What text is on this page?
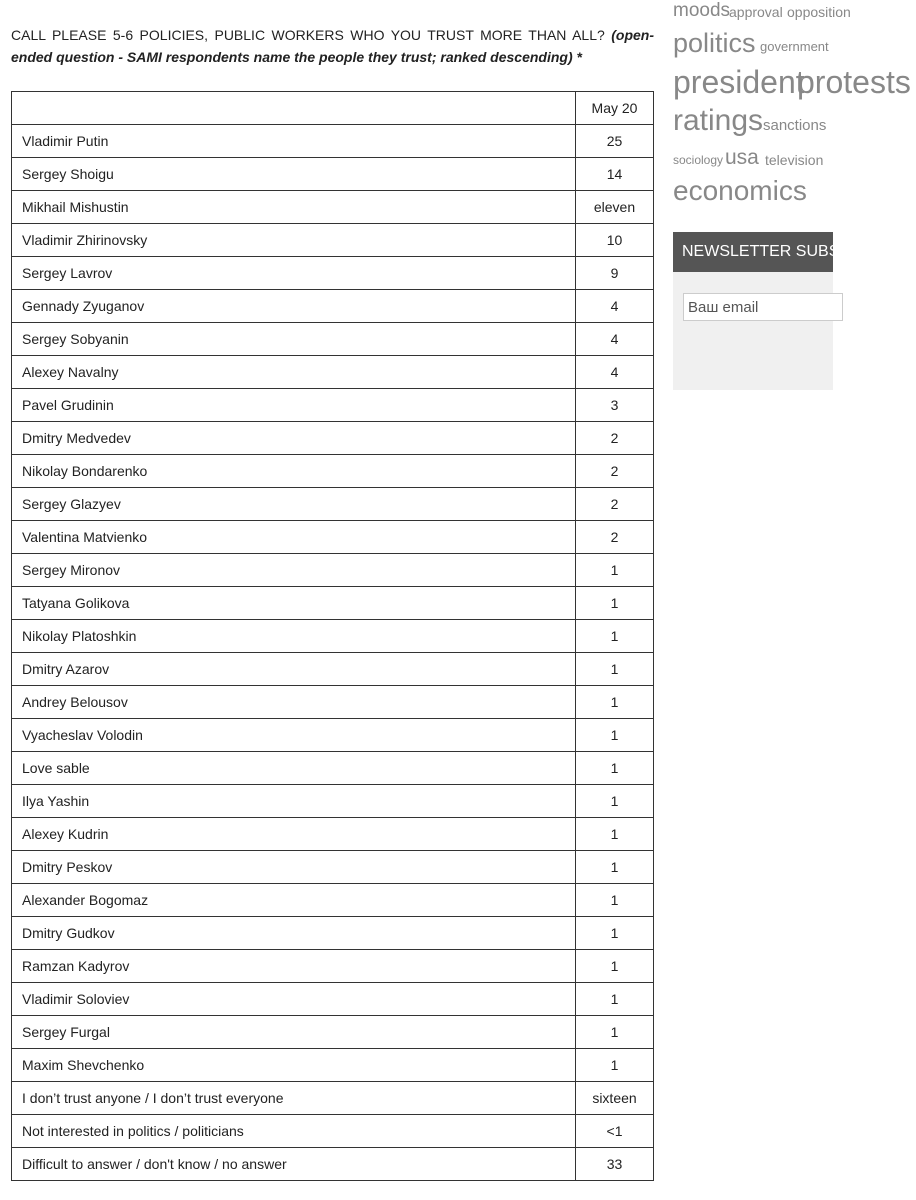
CALL PLEASE 5-6 POLICIES, PUBLIC WORKERS WHO YOU TRUST MORE THAN ALL? (open-ended question - SAMI respondents name the people they trust; ranked descending) *
	May 20
Vladimir Putin	25
Sergey Shoigu	14
Mikhail Mishustin	eleven
Vladimir Zhirinovsky	10
Sergey Lavrov	9
Gennady Zyuganov	4
Sergey Sobyanin	4
Alexey Navalny	4
Pavel Grudinin	3
Dmitry Medvedev	2
Nikolay Bondarenko	2
Sergey Glazyev	2
Valentina Matvienko	2
Sergey Mironov	1
Tatyana Golikova	1
Nikolay Platoshkin	1
Dmitry Azarov	1
Andrey Belousov	1
Vyacheslav Volodin	1
Love sable	1
Ilya Yashin	1
Alexey Kudrin	1
Dmitry Peskov	1
Alexander Bogomaz	1
Dmitry Gudkov	1
Ramzan Kadyrov	1
Vladimir Soloviev	1
Sergey Furgal	1
Maxim Shevchenko	1
I don’t trust anyone / I don’t trust everyone	sixteen
Not interested in politics / politicians	<1
Difficult to answer / don't know / no answer	33
moods
approval opposition
politics government
president
protests
ratings sanctions
sociology usa television
economics
NEWSLETTER SUBSCRIPTION
Ваш email
